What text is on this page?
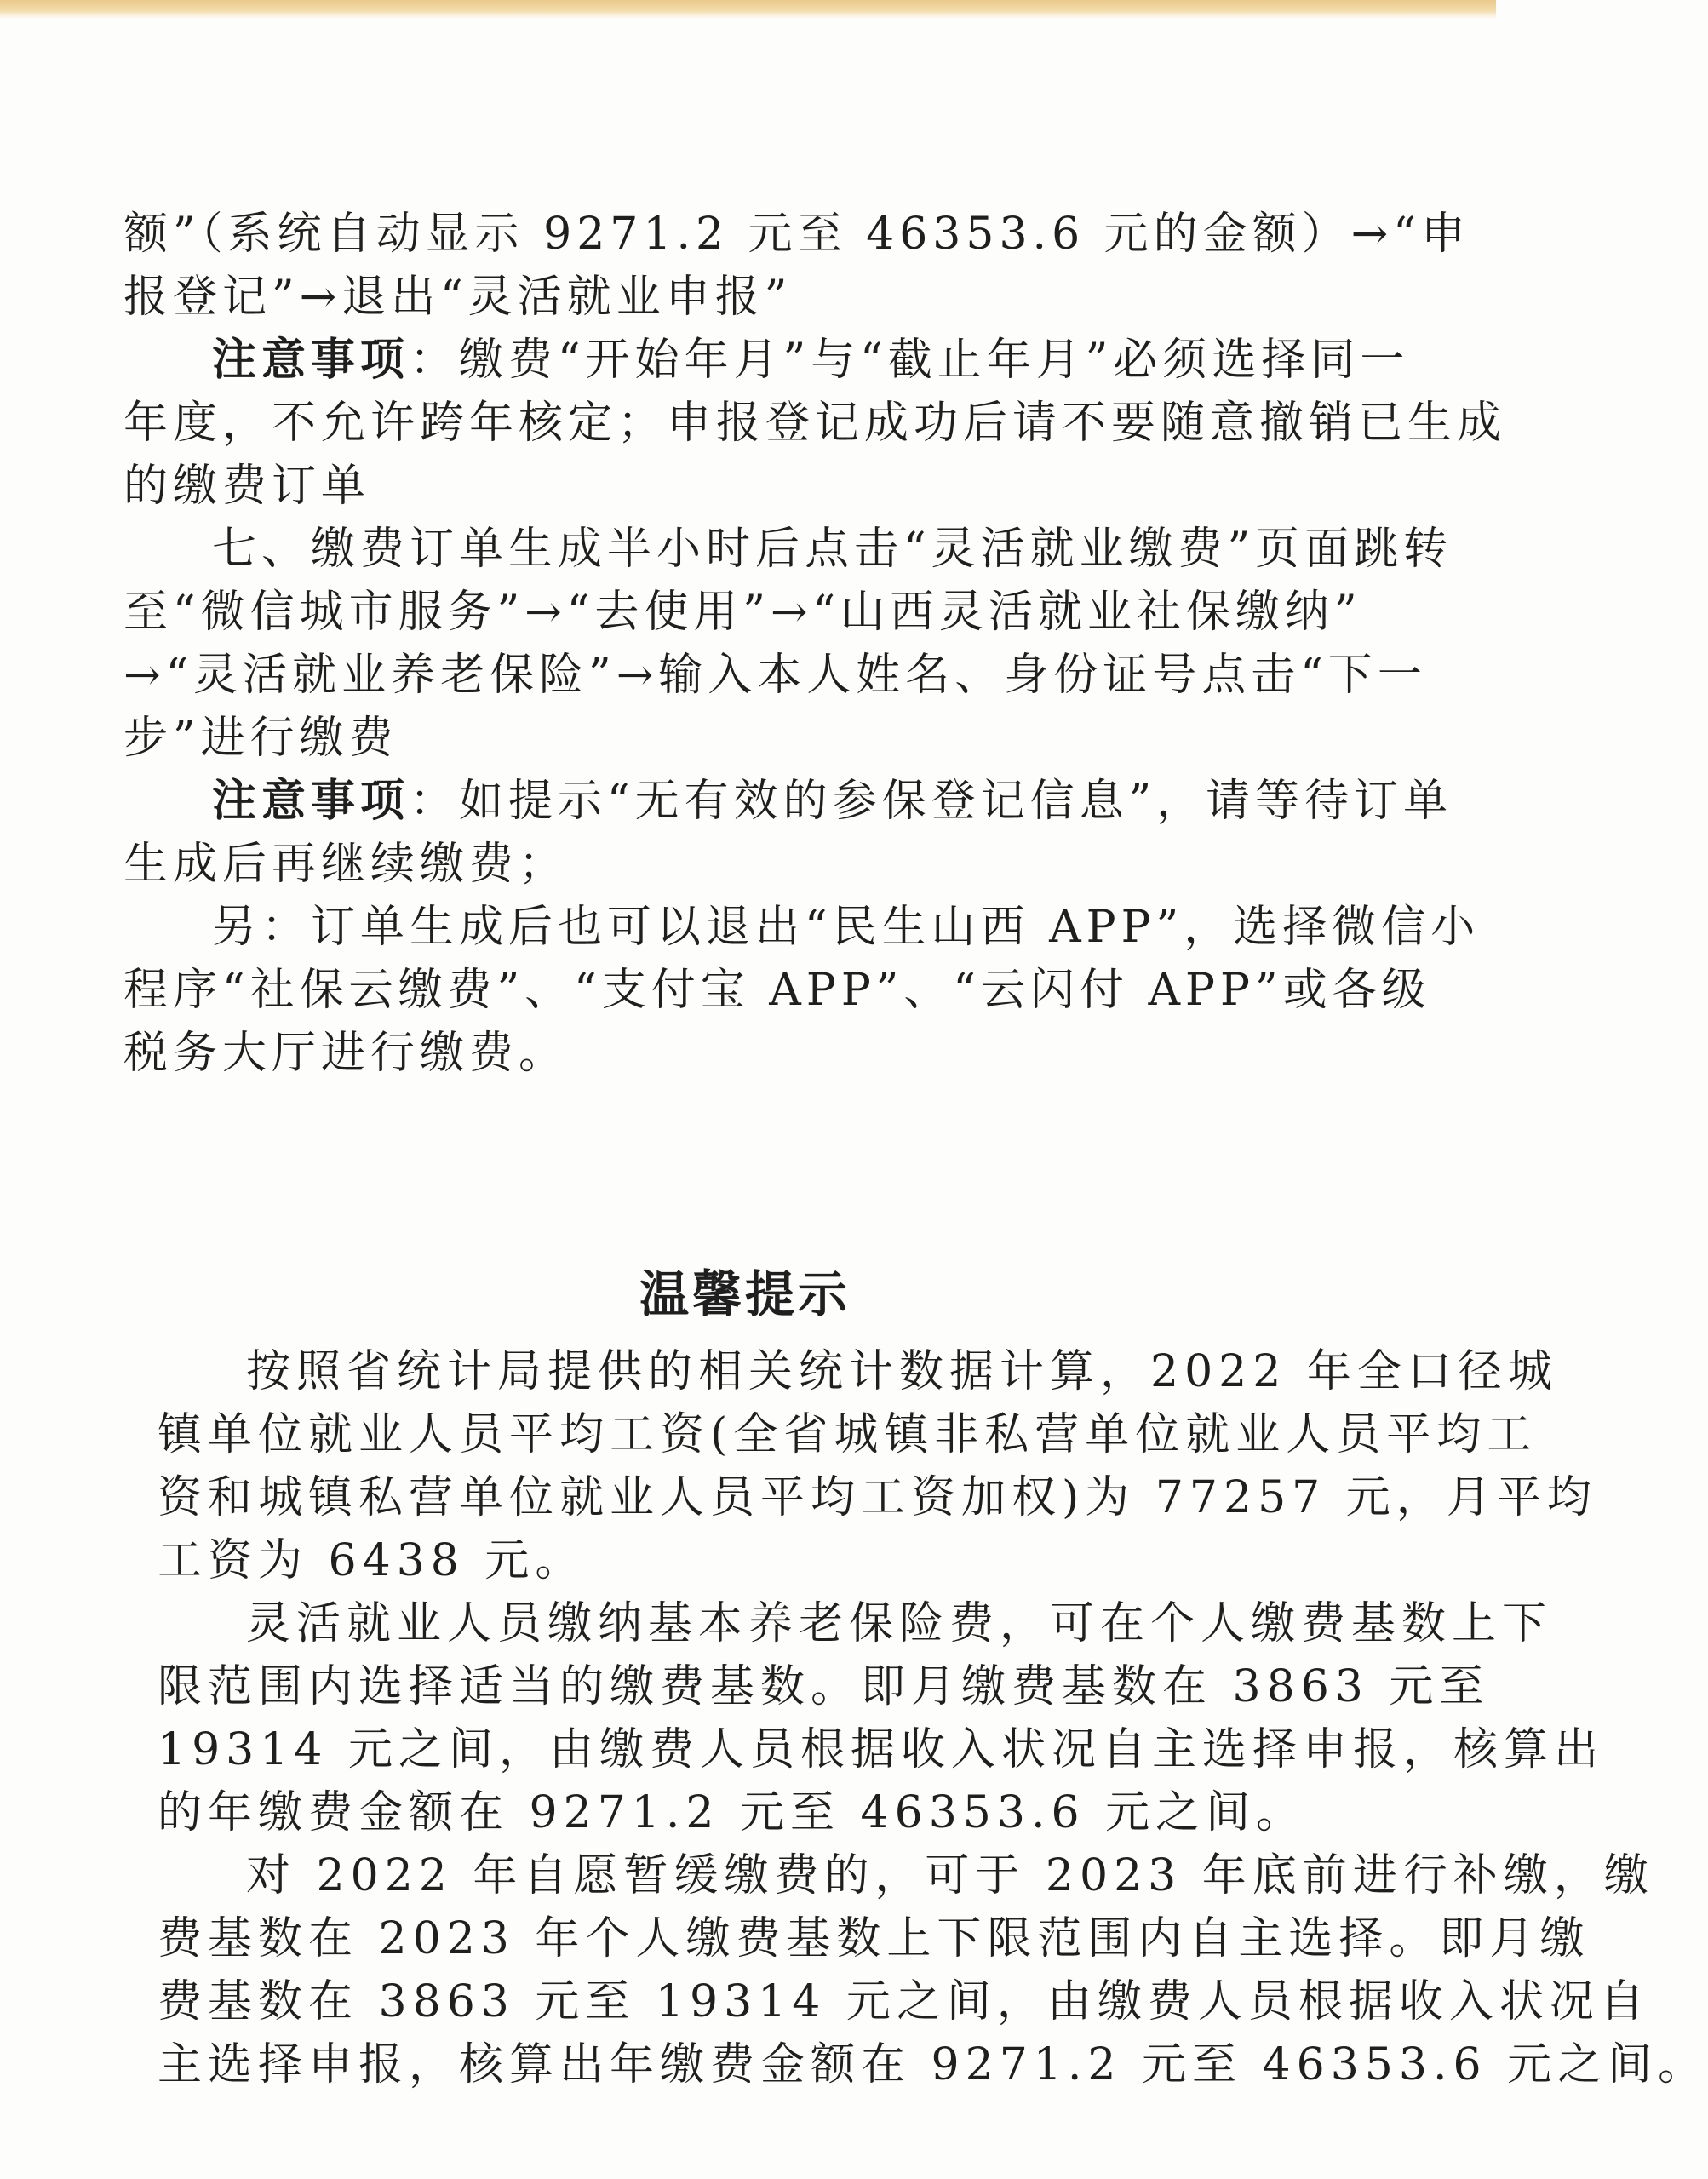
额”（系统自动显示 9271.2 元至 46353.6 元的金额）→“申

报登记”→退出“灵活就业申报”

注意事项：缴费“开始年月”与“截止年月”必须选择同一

年度，不允许跨年核定；申报登记成功后请不要随意撤销已生成

的缴费订单

七、缴费订单生成半小时后点击“灵活就业缴费”页面跳转

至“微信城市服务”→“去使用”→“山西灵活就业社保缴纳”

→“灵活就业养老保险”→输入本人姓名、身份证号点击“下一

步”进行缴费

注意事项：如提示“无有效的参保登记信息”，请等待订单

生成后再继续缴费；

另：订单生成后也可以退出“民生山西 APP”，选择微信小

程序“社保云缴费”、“支付宝 APP”、“云闪付 APP”或各级

税务大厅进行缴费。

温馨提示

按照省统计局提供的相关统计数据计算，2022 年全口径城

镇单位就业人员平均工资(全省城镇非私营单位就业人员平均工

资和城镇私营单位就业人员平均工资加权)为 77257 元，月平均

工资为 6438 元。

灵活就业人员缴纳基本养老保险费，可在个人缴费基数上下

限范围内选择适当的缴费基数。即月缴费基数在 3863 元至

19314 元之间，由缴费人员根据收入状况自主选择申报，核算出

的年缴费金额在 9271.2 元至 46353.6 元之间。

对 2022 年自愿暂缓缴费的，可于 2023 年底前进行补缴，缴

费基数在 2023 年个人缴费基数上下限范围内自主选择。即月缴

费基数在 3863 元至 19314 元之间，由缴费人员根据收入状况自

主选择申报，核算出年缴费金额在 9271.2 元至 46353.6 元之间。
